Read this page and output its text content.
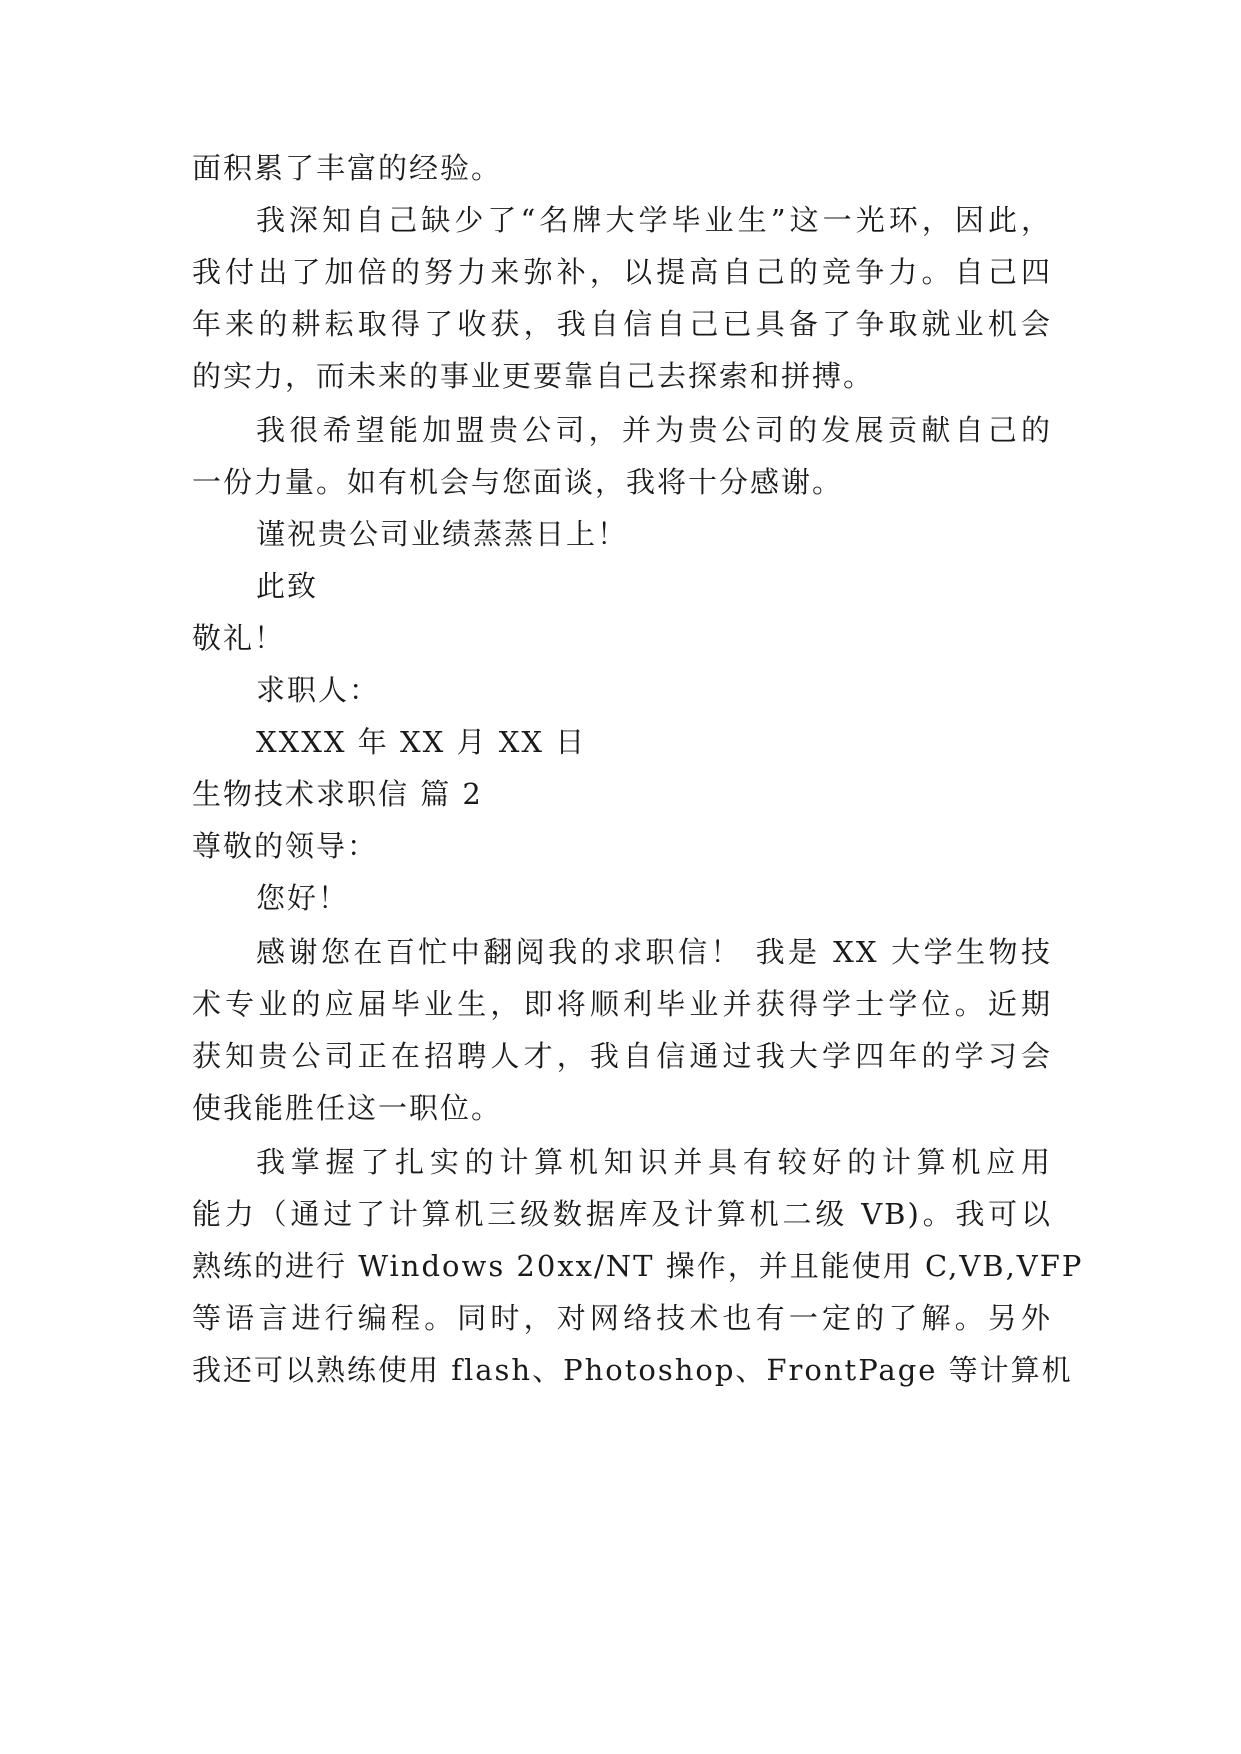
面积累了丰富的经验。
我深知自己缺少了“名牌大学毕业生”这一光环，因此，
我付出了加倍的努力来弥补，以提高自己的竞争力。自己四
年来的耕耘取得了收获，我自信自己已具备了争取就业机会
的实力，而未来的事业更要靠自己去探索和拼搏。
我很希望能加盟贵公司，并为贵公司的发展贡献自己的
一份力量。如有机会与您面谈，我将十分感谢。
谨祝贵公司业绩蒸蒸日上！
此致
敬礼！
求职人：
XXXX 年 XX 月 XX 日
生物技术求职信 篇 2
尊敬的领导：
您好！
感谢您在百忙中翻阅我的求职信！ 我是 XX 大学生物技
术专业的应届毕业生，即将顺利毕业并获得学士学位。近期
获知贵公司正在招聘人才，我自信通过我大学四年的学习会
使我能胜任这一职位。
我掌握了扎实的计算机知识并具有较好的计算机应用
能力（通过了计算机三级数据库及计算机二级 VB)。我可以
熟练的进行 Windows 20xx/NT 操作，并且能使用 C,VB,VFP
等语言进行编程。同时，对网络技术也有一定的了解。另外
我还可以熟练使用 flash、Photoshop、FrontPage 等计算机
